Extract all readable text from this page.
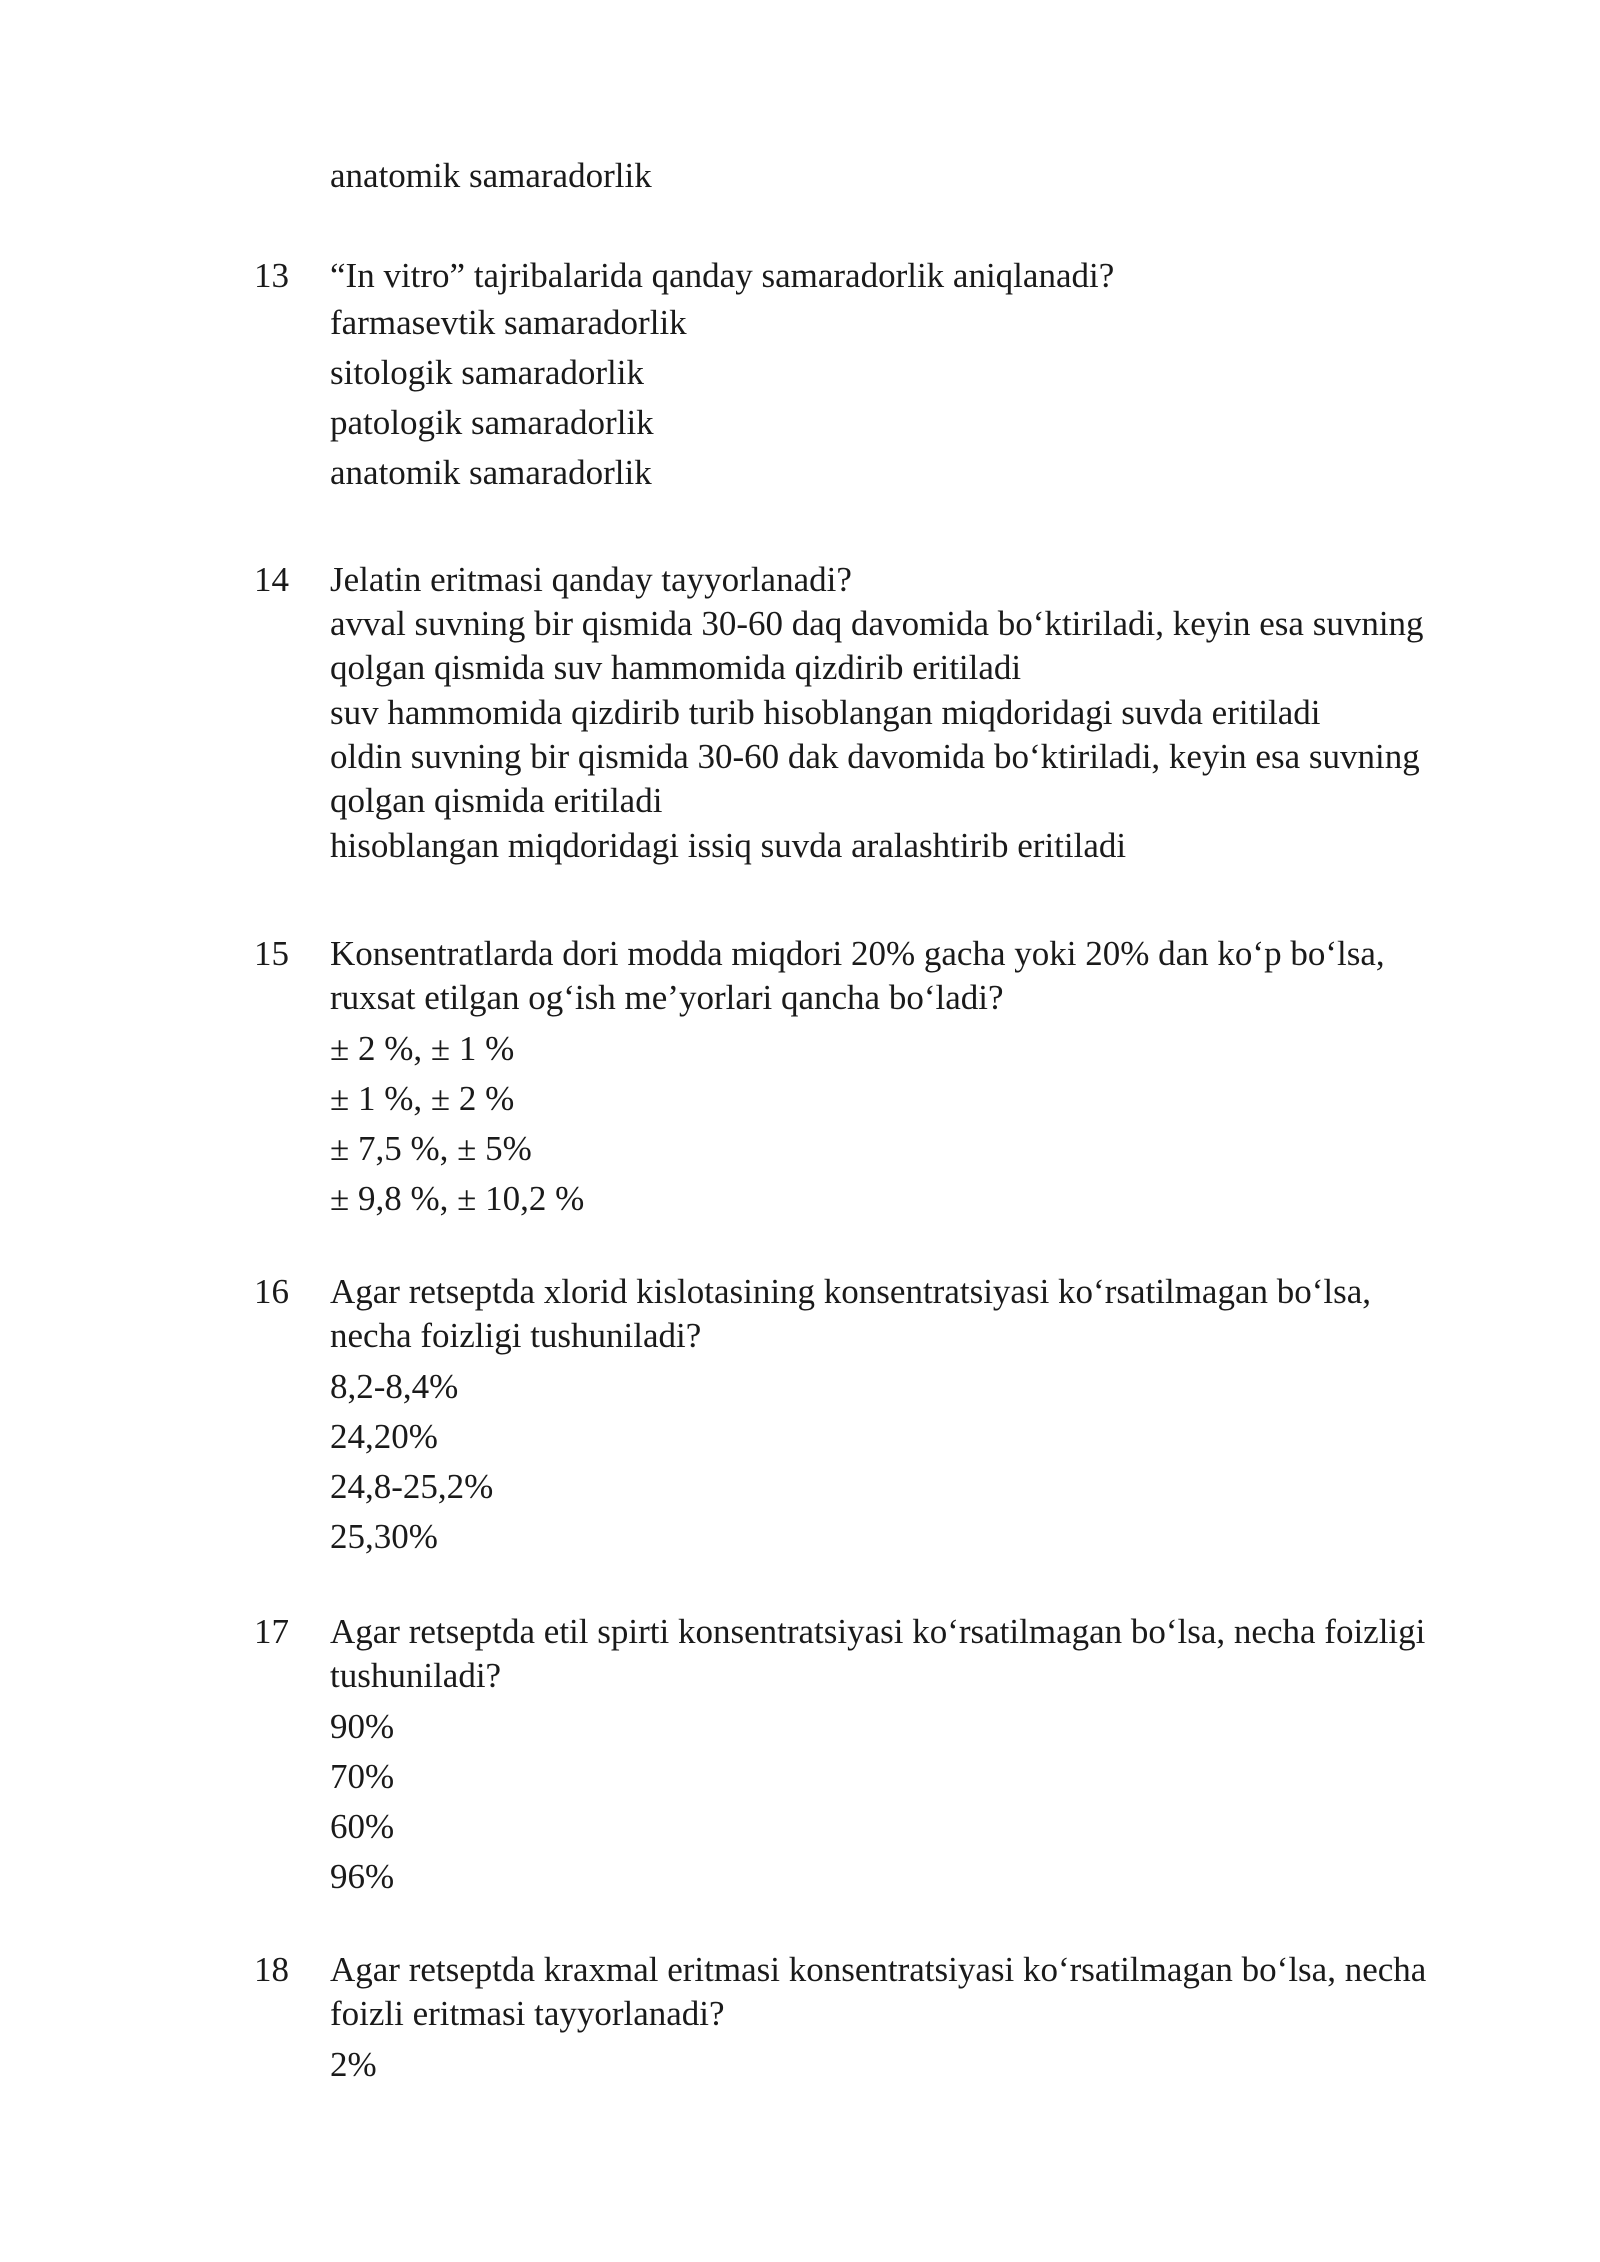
anatomik samaradorlik
13 “In vitro” tajribalarida qanday samaradorlik aniqlanadi?

farmasevtik samaradorlik
sitologik samaradorlik
patologik samaradorlik
anatomik samaradorlik
14 Jelatin eritmasi qanday tayyorlanadi?

avval suvning bir qismida 30-60 daq davomida bo‘ktiriladi, keyin esa suvning qolgan qismida suv hammomida qizdirib eritiladi
suv hammomida qizdirib turib hisoblangan miqdoridagi suvda eritiladi
oldin suvning bir qismida 30-60 dak davomida bo‘ktiriladi, keyin esa suvning qolgan qismida eritiladi
hisoblangan miqdoridagi issiq suvda aralashtirib eritiladi
15 Konsentratlarda dori modda miqdori 20% gacha yoki 20% dan ko‘p bo‘lsa, ruxsat etilgan og‘ish me’yorlari qancha bo‘ladi?

± 2 %, ± 1 %
± 1 %, ± 2 %
± 7,5 %, ± 5%
± 9,8 %, ± 10,2 %
16 Agar retseptda xlorid kislotasining konsentratsiyasi ko‘rsatilmagan bo‘lsa, necha foizligi tushuniladi?

8,2-8,4%
24,20%
24,8-25,2%
25,30%
17 Agar retseptda etil spirti konsentratsiyasi ko‘rsatilmagan bo‘lsa, necha foizligi tushuniladi?

90%
70%
60%
96%
18 Agar retseptda kraxmal eritmasi konsentratsiyasi ko‘rsatilmagan bo‘lsa, necha foizli eritmasi tayyorlanadi?

2%
